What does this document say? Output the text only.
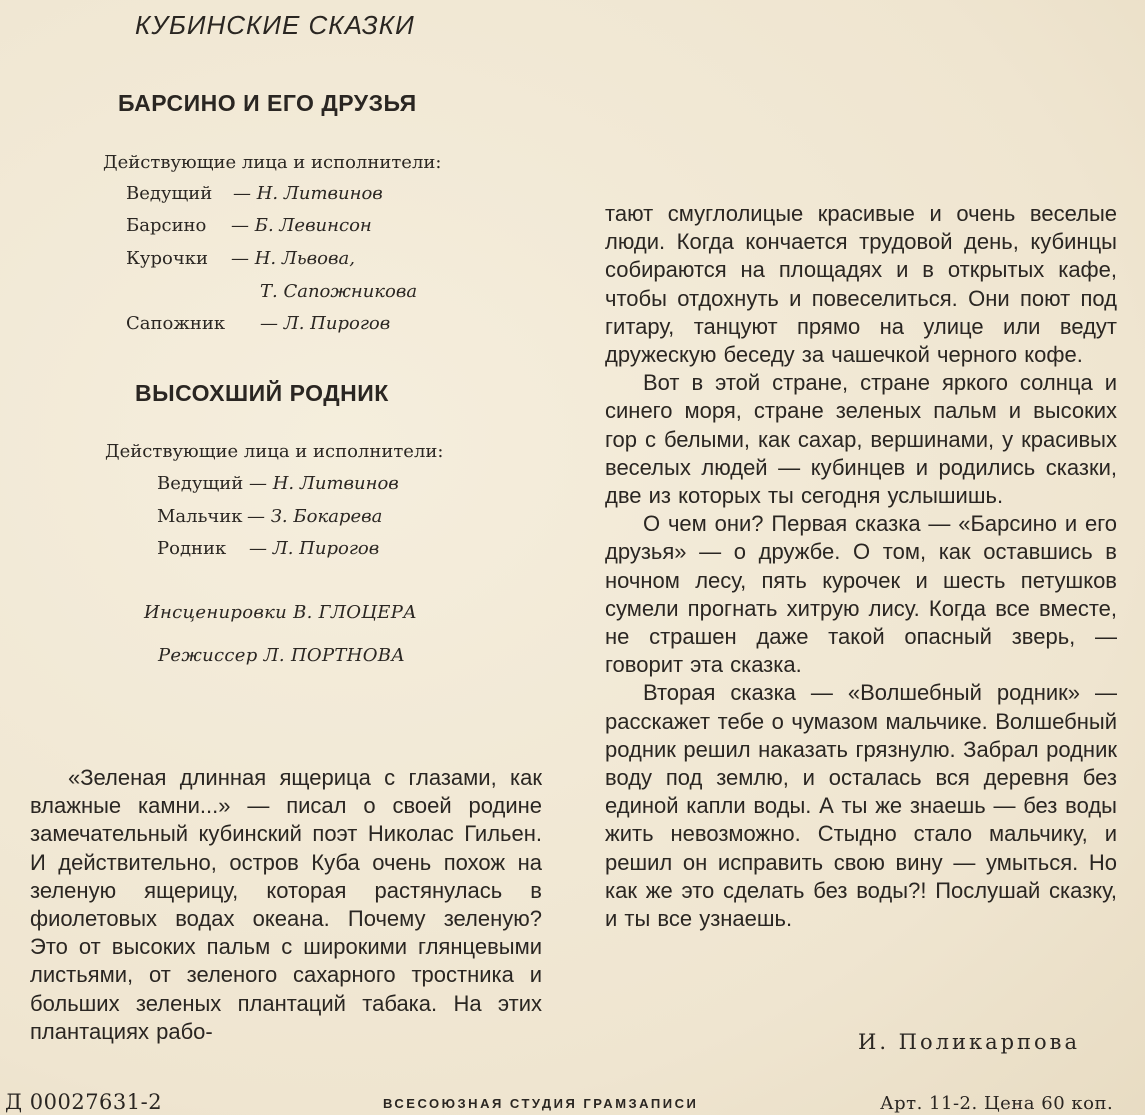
КУБИНСКИЕ СКАЗКИ
БАРСИНО И ЕГО ДРУЗЬЯ
Действующие лица и исполнители:
Ведущий — Н. Литвинов
Барсино — Б. Левинсон
Курочки — Н. Львова,
Т. Сапожникова
Сапожник — Л. Пирогов
ВЫСОХШИЙ РОДНИК
Действующие лица и исполнители:
Ведущий — Н. Литвинов
Мальчик — З. Бокарева
Родник — Л. Пирогов
Инсценировки В. ГЛОЦЕРА
Режиссер Л. ПОРТНОВА

«Зеленая длинная ящерица с глазами, как влажные камни...» — писал о своей родине замечательный кубинский поэт Николас Гильен. И действительно, остров Куба очень похож на зеленую ящерицу, которая растянулась в фиолетовых водах океана. Почему зеленую? Это от высоких пальм с широкими глянцевыми листьями, от зеленого сахарного тростника и больших зеленых плантаций табака. На этих плантациях рабо-

тают смуглолицые красивые и очень веселые люди. Когда кончается трудовой день, кубинцы собираются на площадях и в открытых кафе, чтобы отдохнуть и повеселиться. Они поют под гитару, танцуют прямо на улице или ведут дружескую беседу за чашечкой черного кофе.

Вот в этой стране, стране яркого солнца и синего моря, стране зеленых пальм и высоких гор с белыми, как сахар, вершинами, у красивых веселых людей — кубинцев и родились сказки, две из которых ты сегодня услышишь.

О чем они? Первая сказка — «Барсино и его друзья» — о дружбе. О том, как оставшись в ночном лесу, пять курочек и шесть петушков сумели прогнать хитрую лису. Когда все вместе, не страшен даже такой опасный зверь, — говорит эта сказка.

Вторая сказка — «Волшебный родник» — расскажет тебе о чумазом мальчике. Волшебный родник решил наказать грязнулю. Забрал родник воду под землю, и осталась вся деревня без единой капли воды. А ты же знаешь — без воды жить невозможно. Стыдно стало мальчику, и решил он исправить свою вину — умыться. Но как же это сделать без воды?! Послушай сказку, и ты все узнаешь.

И. Поликарпова
Д 00027631-2	ВСЕСОЮЗНАЯ СТУДИЯ ГРАМЗАПИСИ	Арт. 11-2. Цена 60 коп.
